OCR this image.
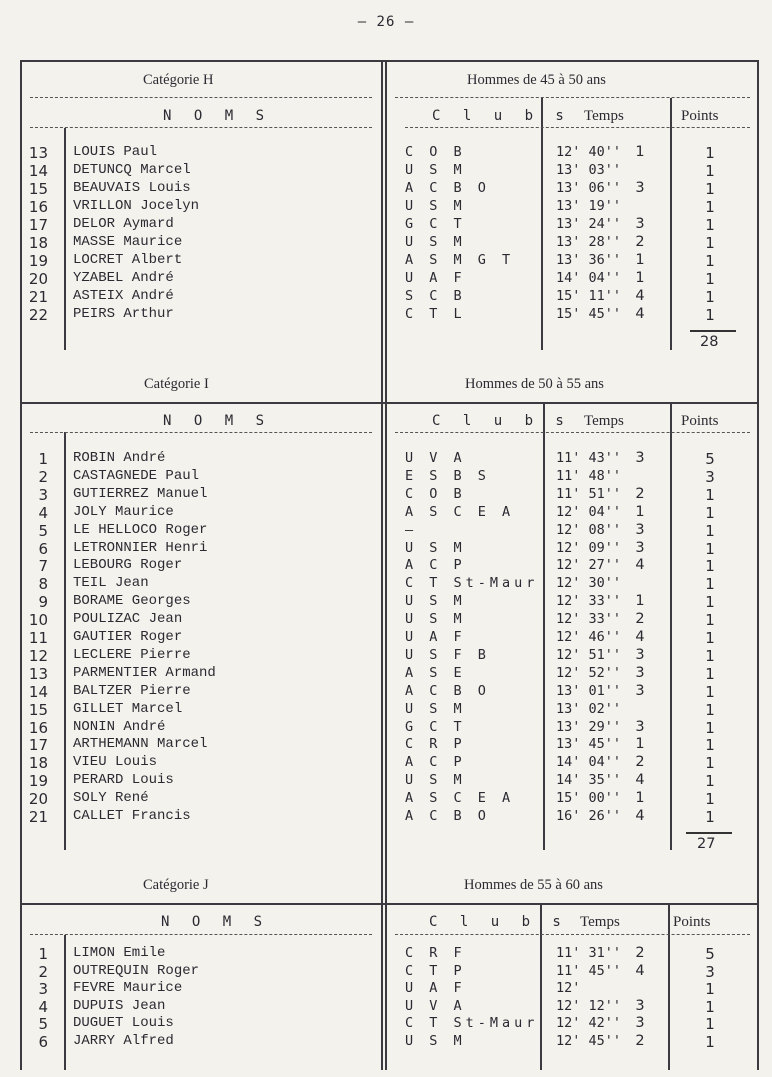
— 26 —
Catégorie H	Hommes de 45 à 50 ans
N O M S	C l u b s Temps	Points
13 LOUIS Paul	C O B	12' 40'' 1	1
14 DETUNCQ Marcel	U S M	13' 03''	1
15 BEAUVAIS Louis	A C B O	13' 06'' 3	1
16 VRILLON Jocelyn	U S M	13' 19''	1
17 DELOR Aymard	G C T	13' 24'' 3	1
18 MASSE Maurice	U S M	13' 28'' 2	1
19 LOCRET Albert	A S M G T	13' 36'' 1	1
20 YZABEL André	U A F	14' 04'' 1	1
21 ASTEIX André	S C B	15' 11'' 4	1
22 PEIRS Arthur	C T L	15' 45'' 4	1
28
Catégorie I	Hommes de 50 à 55 ans
N O M S	C l u b s Temps	Points
1 ROBIN André	U V A	11' 43'' 3	5
2 CASTAGNEDE Paul	E S B S	11' 48''	3
3 GUTIERREZ Manuel	C O B	11' 51'' 2	1
4 JOLY Maurice	A S C E A	12' 04'' 1	1
5 LE HELLOCO Roger	–	12' 08'' 3	1
6 LETRONNIER Henri	U S M	12' 09'' 3	1
7 LEBOURG Roger	A C P	12' 27'' 4	1
8 TEIL Jean	C T St-Maur 12' 30''	1
9 BORAME Georges	U S M	12' 33'' 1	1
10 POULIZAC Jean	U S M	12' 33'' 2	1
11 GAUTIER Roger	U A F	12' 46'' 4	1
12 LECLERE Pierre	U S F B	12' 51'' 3	1
13 PARMENTIER Armand	A S E	12' 52'' 3	1
14 BALTZER Pierre	A C B O	13' 01'' 3	1
15 GILLET Marcel	U S M	13' 02''	1
16 NONIN André	G C T	13' 29'' 3	1
17 ARTHEMANN Marcel	C R P	13' 45'' 1	1
18 VIEU Louis	A C P	14' 04'' 2	1
19 PERARD Louis	U S M	14' 35'' 4	1
20 SOLY René	A S C E A	15' 00'' 1	1
21 CALLET Francis	A C B O	16' 26'' 4	1
27
Catégorie J	Hommes de 55 à 60 ans
N O M S	C l u b s Temps	Points
1 LIMON Emile	C R F	11' 31'' 2	5
2 OUTREQUIN Roger	C T P	11' 45'' 4	3
3 FEVRE Maurice	U A F	12'	1
4 DUPUIS Jean	U V A	12' 12'' 3	1
5 DUGUET Louis	C T St-Maur 12' 42'' 3	1
6 JARRY Alfred	U S M	12' 45'' 2	1
